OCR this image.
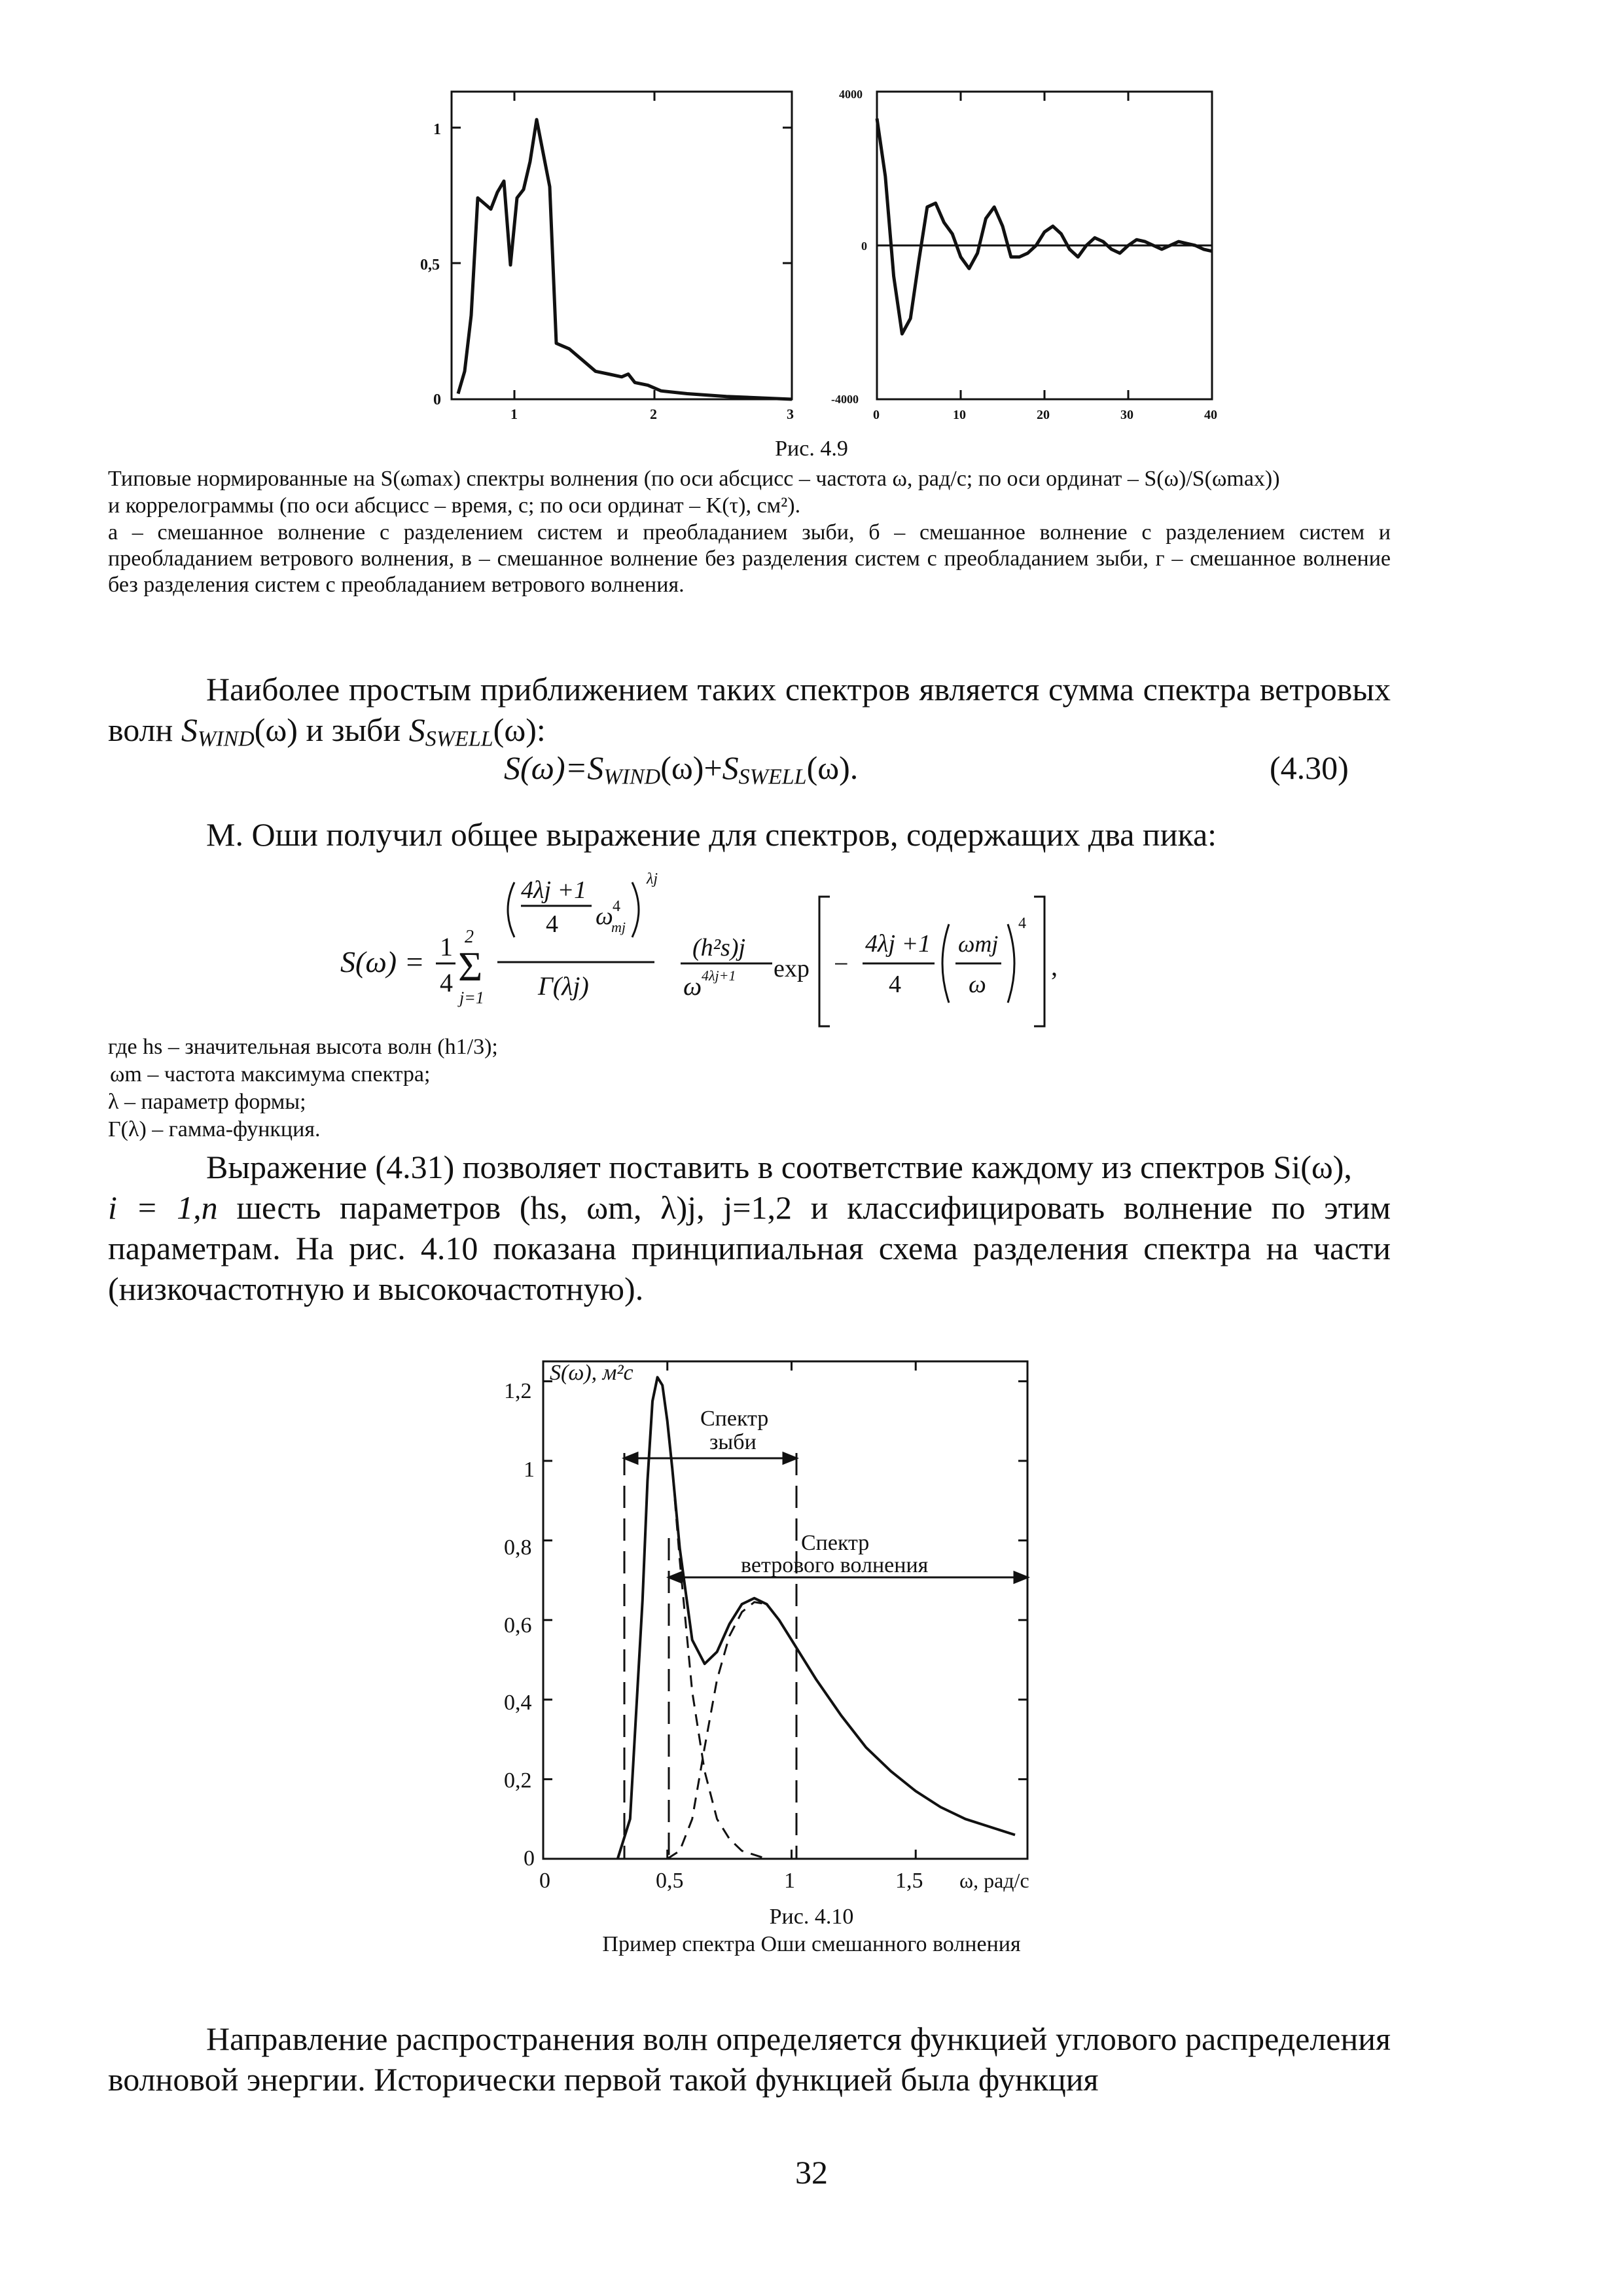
1
0,5
0
1	2	3
4000
0
-4000
0	10	20	30	40
Рис. 4.9
Типовые нормированные на S(ωmax) спектры волнения (по оси абсцисс – частота ω, рад/с; по оси ординат – S(ω)/S(ωmax))
и коррелограммы (по оси абсцисс – время, с; по оси ординат – K(τ), см²).
а – смешанное волнение с разделением систем и преобладанием зыби, б – смешанное волнение с разделением систем и преобладанием ветрового волнения, в – смешанное волнение без разделения систем с преобладанием зыби, г – смешанное волнение без разделения систем с преобладанием ветрового волнения.
Наиболее простым приближением таких спектров является сумма спектра ветровых волн $S_{WIND}(\omega)$ и зыби $S_{SWELL}(\omega)$:
$S(\omega)=S_{WIND}(\omega)+S_{SWELL}(\omega)$.	(4.30)
М. Оши получил общее выражение для спектров, содержащих два пика:
S(ω) = 1
4
2
Σ
j=1
4λj +1
4 ω 4
mj
λj
Γ(λj)
(h²s)j
ω 4λj+1 exp −
4λj +1
4
ωmj
ω
4
,
где hs – значительная высота волн (h1/3);
ωm – частота максимума спектра;
λ – параметр формы;
Γ(λ) – гамма-функция.
Выражение (4.31) позволяет поставить в соответствие каждому из спектров Si(ω),
i = 1,n шесть параметров (hs, ωm, λ)j, j=1,2 и классифицировать волнение по этим параметрам. На рис. 4.10 показана принципиальная схема разделения спектра на части (низкочастотную и высокочастотную).
S(ω), м²с
ω, рад/с
1,2
1
0,8
0,6
0,4
0,2
0
0	0,5	1	1,5
Спектр
зыби
Спектр
ветрового волнения
Рис. 4.10
Пример спектра Оши смешанного волнения
Направление распространения волн определяется функцией углового распределения волновой энергии. Исторически первой такой функцией была функция
32
